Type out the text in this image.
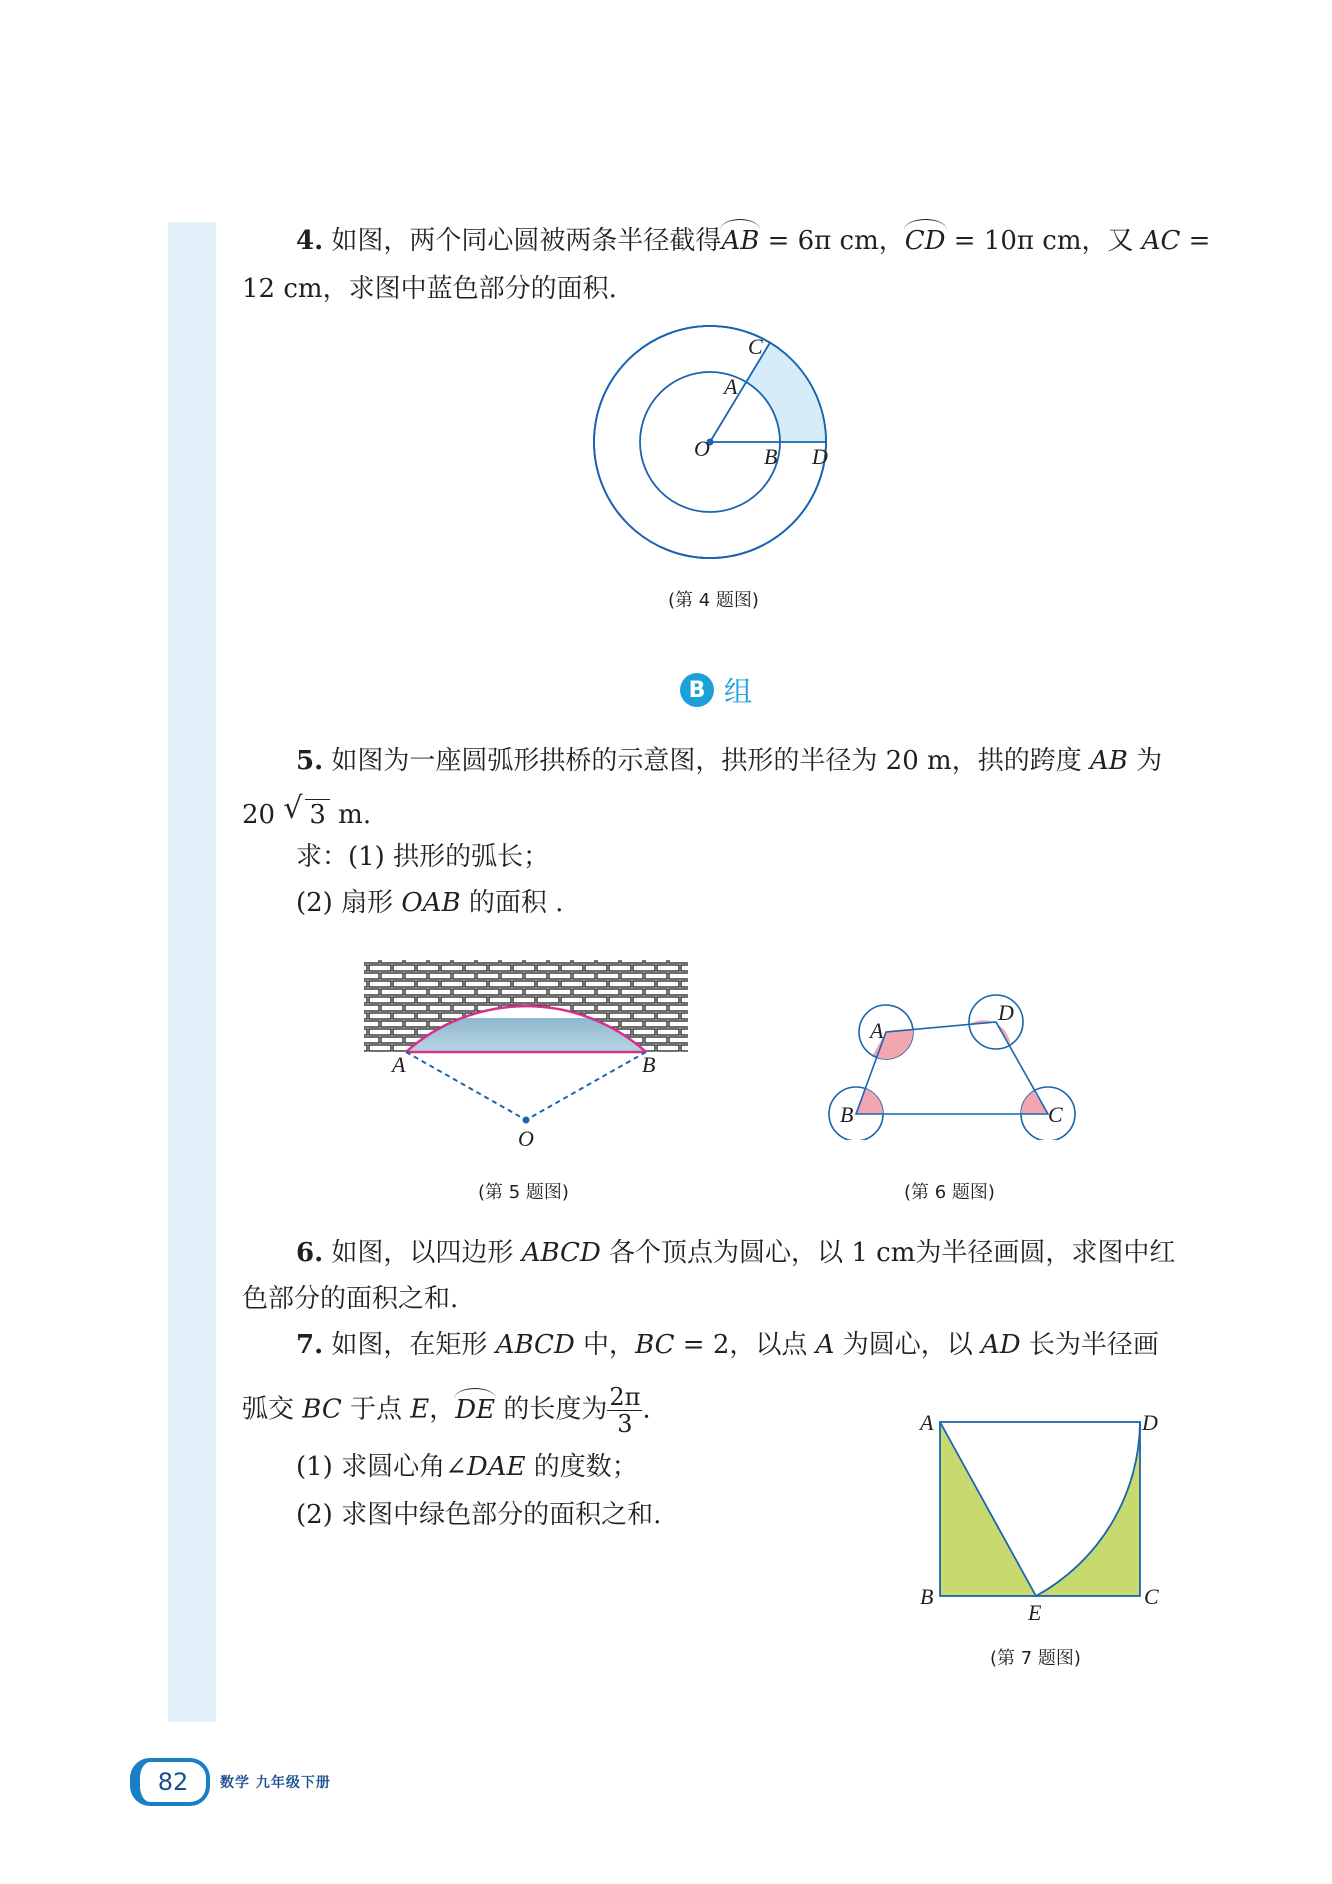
4. 如图，两个同心圆被两条半径截得AB = 6π cm，CD = 10π cm，又 AC =
12 cm，求图中蓝色部分的面积.
C
A
O B D
(第 4 题图)
B 组
5. 如图为一座圆弧形拱桥的示意图，拱形的半径为 20 m，拱的跨度 AB 为
20 √ 3 m.
求：(1) 拱形的弧长；
(2) 扇形 OAB 的面积 .
A	B
O
(第 5 题图)
A
D
B	C
(第 6 题图)
6. 如图，以四边形 ABCD 各个顶点为圆心，以 1 cm为半径画圆，求图中红
色部分的面积之和.
7. 如图，在矩形 ABCD 中，BC = 2，以点 A 为圆心，以 AD 长为半径画
弧交 BC 于点 E，DE 的长度为 $\frac{2\pi}{3}$ .
(1) 求圆心角∠DAE 的度数；
(2) 求图中绿色部分的面积之和.
A	D
B	C
E
(第 7 题图)
82	数学 九年级下册
